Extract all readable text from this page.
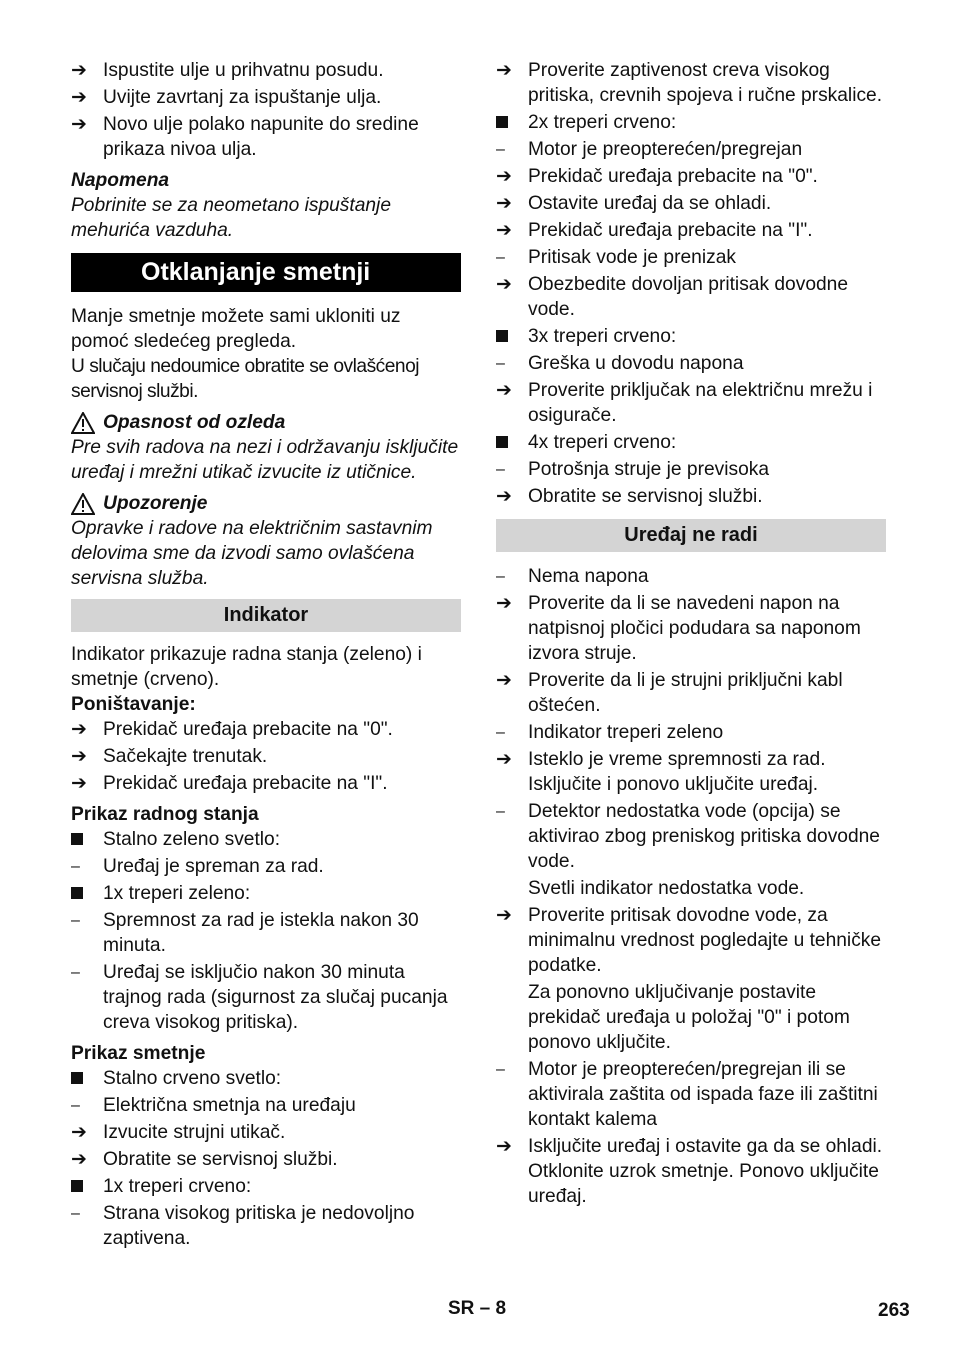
➔ Ispustite ulje u prihvatnu posudu.
➔ Uvijte zavrtanj za ispuštanje ulja.
➔ Novo ulje polako napunite do sredine prikaza nivoa ulja.
Napomena

Pobrinite se za neometano ispuštanje mehurića vazduha.

Otklanjanje smetnji

Manje smetnje možete sami ukloniti uz pomoć sledećeg pregleda.

U slučaju nedoumice obratite se ovlašćenoj servisnoj službi.

Opasnost od ozleda

Pre svih radova na nezi i održavanju isključite uređaj i mrežni utikač izvucite iz utičnice.

Upozorenje

Opravke i radove na električnim sastavnim delovima sme da izvodi samo ovlašćena servisna služba.

Indikator

Indikator prikazuje radna stanja (zeleno) i smetnje (crveno).

Poništavanje:
➔ Prekidač uređaja prebacite na "0".
➔ Sačekajte trenutak.
➔ Prekidač uređaja prebacite na "I".
Prikaz radnog stanja
Stalno zeleno svetlo:
–	Uređaj je spreman za rad.
1x treperi zeleno:
–	Spremnost za rad je istekla nakon 30 minuta.
–	Uređaj se isključio nakon 30 minuta trajnog rada (sigurnost za slučaj pucanja creva visokog pritiska).
Prikaz smetnje
Stalno crveno svetlo:
–	Električna smetnja na uređaju
➔ Izvucite strujni utikač.
➔ Obratite se servisnoj službi.
1x treperi crveno:
–	Strana visokog pritiska je nedovoljno zaptivena.
➔ Proverite zaptivenost creva visokog pritiska, crevnih spojeva i ručne prskalice.
2x treperi crveno:
–	Motor je preopterećen/pregrejan
➔ Prekidač uređaja prebacite na "0".
➔ Ostavite uređaj da se ohladi.
➔ Prekidač uređaja prebacite na "I".
–	Pritisak vode je prenizak
➔ Obezbedite dovoljan pritisak dovodne vode.
3x treperi crveno:
–	Greška u dovodu napona
➔ Proverite priključak na električnu mrežu i osigurače.
4x treperi crveno:
–	Potrošnja struje je previsoka
➔ Obratite se servisnoj službi.
Uređaj ne radi
–	Nema napona
➔ Proverite da li se navedeni napon na natpisnoj pločici podudara sa naponom izvora struje.
➔ Proverite da li je strujni priključni kabl oštećen.
–	Indikator treperi zeleno
➔ Isteklo je vreme spremnosti za rad. Isključite i ponovo uključite uređaj.
–	Detektor nedostatka vode (opcija) se aktivirao zbog preniskog pritiska dovodne vode.
Svetli indikator nedostatka vode.
➔ Proverite pritisak dovodne vode, za minimalnu vrednost pogledajte u tehničke podatke.
Za ponovno uključivanje postavite prekidač uređaja u položaj "0" i potom ponovo uključite.
–	Motor je preopterećen/pregrejan ili se aktivirala zaštita od ispada faze ili zaštitni kontakt kalema
➔ Isključite uređaj i ostavite ga da se ohladi. Otklonite uzrok smetnje. Ponovo uključite uređaj.
SR – 8	263
